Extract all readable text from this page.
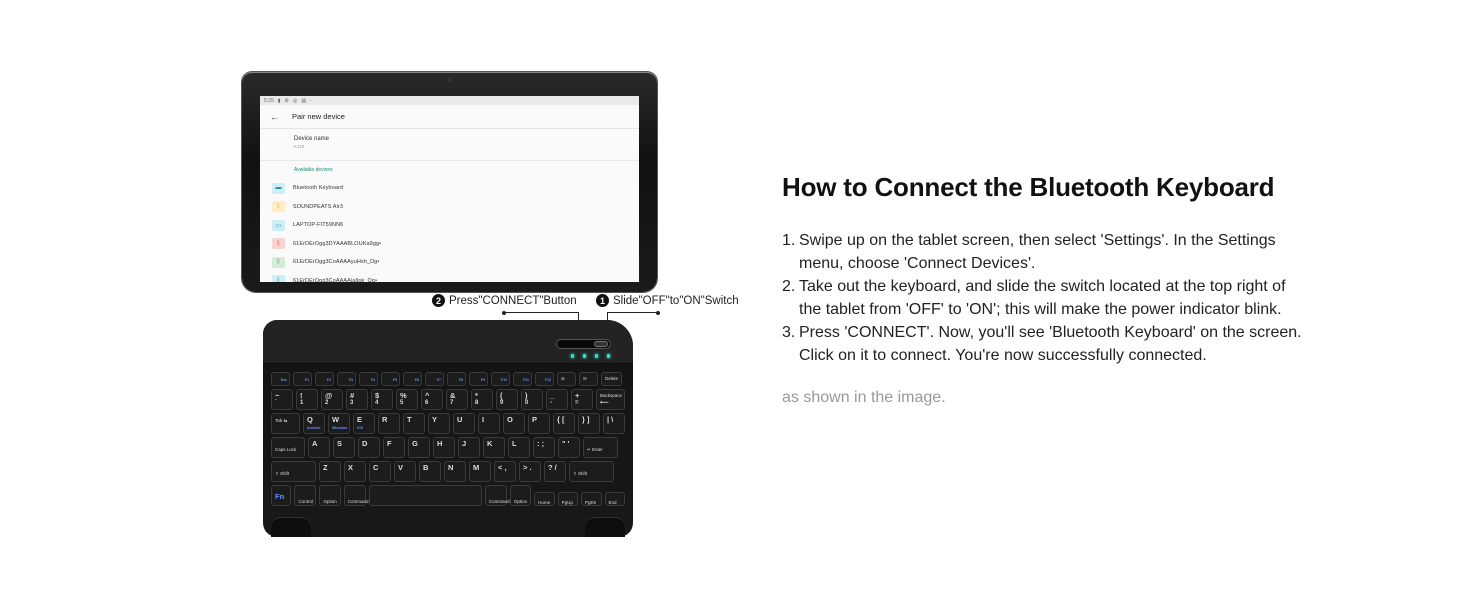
5:25 ▮ ⚙ ◎ ▤ ·
←	Pair new device
Device name
K110
Available devices
▬	Bluetooth Keyboard
ᛒ	SOUNDPEATS Air3
▭	LAPTOP-FIT59NN6
ᛒ	61ErDErOgg3DYAAABLOUKa9gg•
ᛒ	61ErDErOgg3CoAAAAyuHsh_Dg•
ᛒ	61ErDErOgg3CoAAAAjaIlpk_Og•
2 Press"CONNECT"Button	1 Slide"OFF"to"ON"Switch
Esc	F1	F2	F3	F4	F5	F6	F7	F8	F9	F10	F11	F12	⊚	✉	Delete
~
`
!
1
@
2
#
3
$
4
%
5
^
6
&
7
*
8
(
9
)
0
_
-
+
=
Backspace
⟵
Tab ⇆	Q
Android
W
Windows
E
iOS
R	T	Y	U	I	O	P	{ [	} ]	| \
Caps Lock
A	S	D	F	G	H	J	K	L	: ;	" '
↵ Enter
⇧ Shift
Z	X	C	V	B	N	M	< ,	> .	? /
⇧ Shift
Fn
Control	Option	Command	Command Option	Home	PgUp	PgDn	End
How to Connect the Bluetooth Keyboard
1. Swipe up on the tablet screen, then select 'Settings'. In the Settings menu, choose 'Connect Devices'.
2. Take out the keyboard, and slide the switch located at the top right of the tablet from 'OFF' to 'ON'; this will make the power indicator blink.
3. Press 'CONNECT'. Now, you'll see 'Bluetooth Keyboard' on the screen. Click on it to connect. You're now successfully connected.
as shown in the image.
